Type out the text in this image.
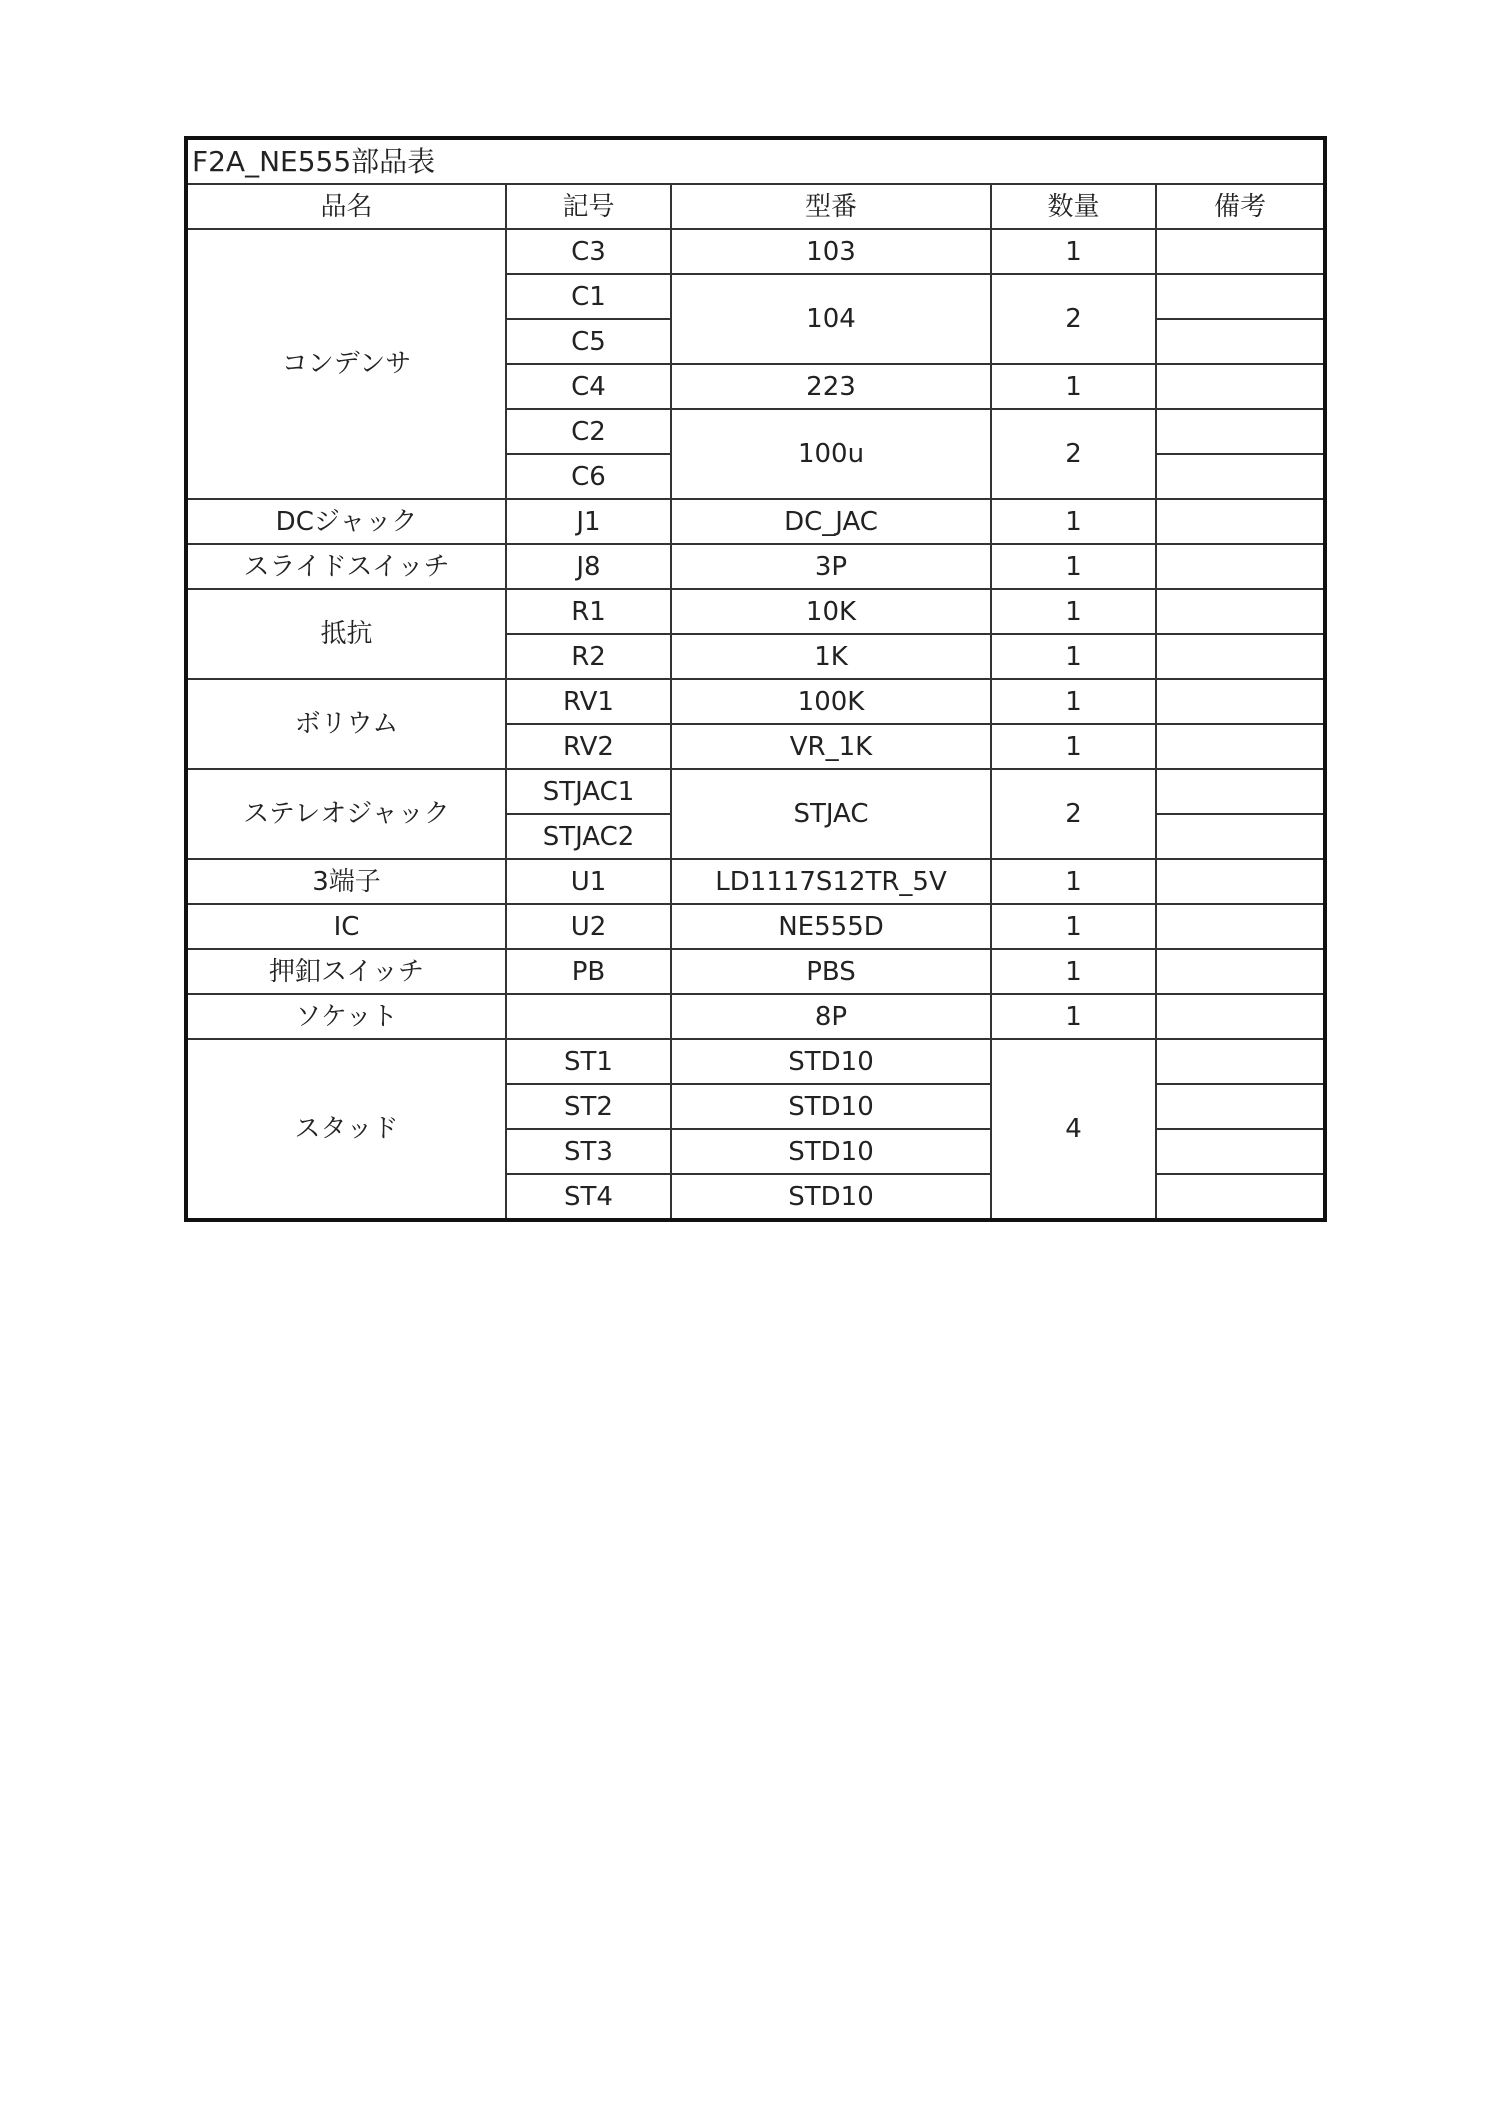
F2A_NE555部品表				
品名	記号	型番	数量	備考
コンデンサ	C3	103	1	
	C1	104	2	
	C5			
	C4	223	1	
	C2	100u	2	
	C6			
DCジャック	J1	DC_JAC	1	
スライドスイッチ	J8	3P	1	
抵抗	R1	10K	1	
	R2	1K	1	
ボリウム	RV1	100K	1	
	RV2	VR_1K	1	
ステレオジャック	STJAC1	STJAC	2	
	STJAC2			
3端子	U1	LD1117S12TR_5V	1	
IC	U2	NE555D	1	
押釦スイッチ	PB	PBS	1	
ソケット		8P	1	
スタッド	ST1	STD10	4	
	ST2	STD10		
	ST3	STD10		
	ST4	STD10		
